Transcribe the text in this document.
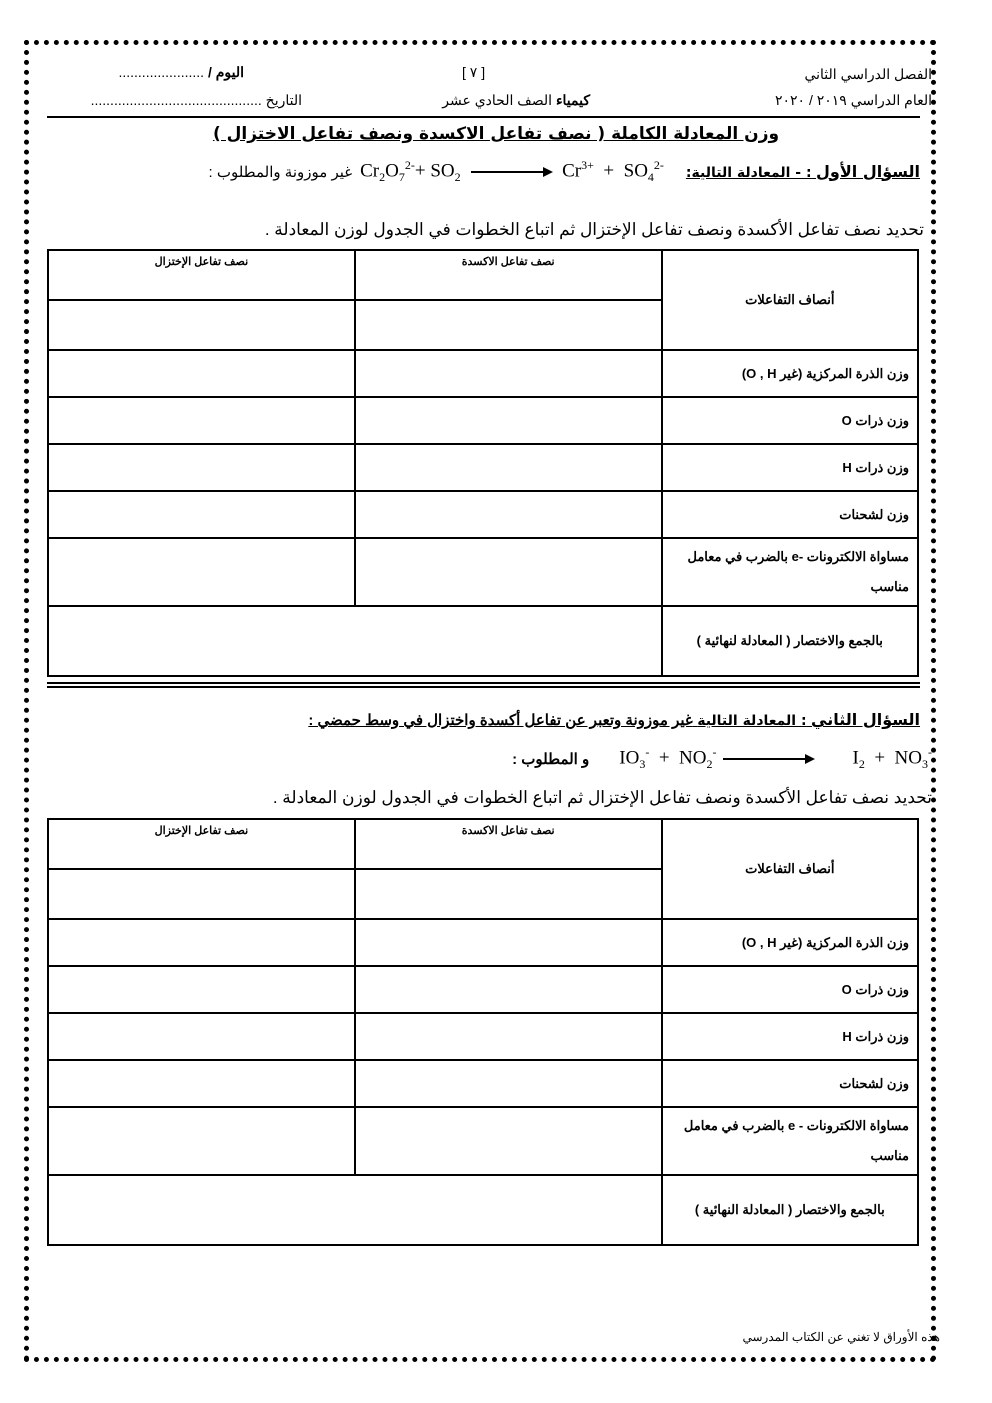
الفصل الدراسي الثاني
العام الدراسي ٢٠١٩ / ٢٠٢٠
[ ٧ ]
كيمياء الصف الحادي عشر
اليوم / ......................
التاريخ ............................................
وزن المعادلة الكاملة ( نصف تفاعل الاكسدة ونصف تفاعل الاختزال )
السؤال الأول : - المعادلة التالية:
$Cr_2O_7^{2-}+ SO_2$	$Cr^{3+} + SO_4^{2-}$
غير موزونة والمطلوب :
تحديد نصف تفاعل الأكسدة ونصف تفاعل الإختزال ثم اتباع الخطوات في الجدول لوزن المعادلة .
أنصاف التفاعلات	نصف تفاعل الاكسدة	نصف تفاعل الإختزال

وزن الذرة المركزية (غير O , H)		
وزن ذرات O		
وزن ذرات H		
وزن لشحنات		
مساواة الالكترونات -e بالضرب في معامل مناسب		
بالجمع والاختصار ( المعادلة لنهائية )		
السؤال الثاني : المعادلة التالية غير موزونة وتعبر عن تفاعل أكسدة واختزال في وسط حمضي :
$IO_3^- + NO_2^-$	$I_2 + NO_3^-$
و المطلوب :
تحديد نصف تفاعل الأكسدة ونصف تفاعل الإختزال ثم اتباع الخطوات في الجدول لوزن المعادلة .
أنصاف التفاعلات	نصف تفاعل الاكسدة	نصف تفاعل الإختزال

وزن الذرة المركزية (غير O , H)		
وزن ذرات O		
وزن ذرات H		
وزن لشحنات		
مساواة الالكترونات - e بالضرب في معامل مناسب		
بالجمع والاختصار ( المعادلة النهائية )		
هذه الأوراق لا تغني عن الكتاب المدرسي
